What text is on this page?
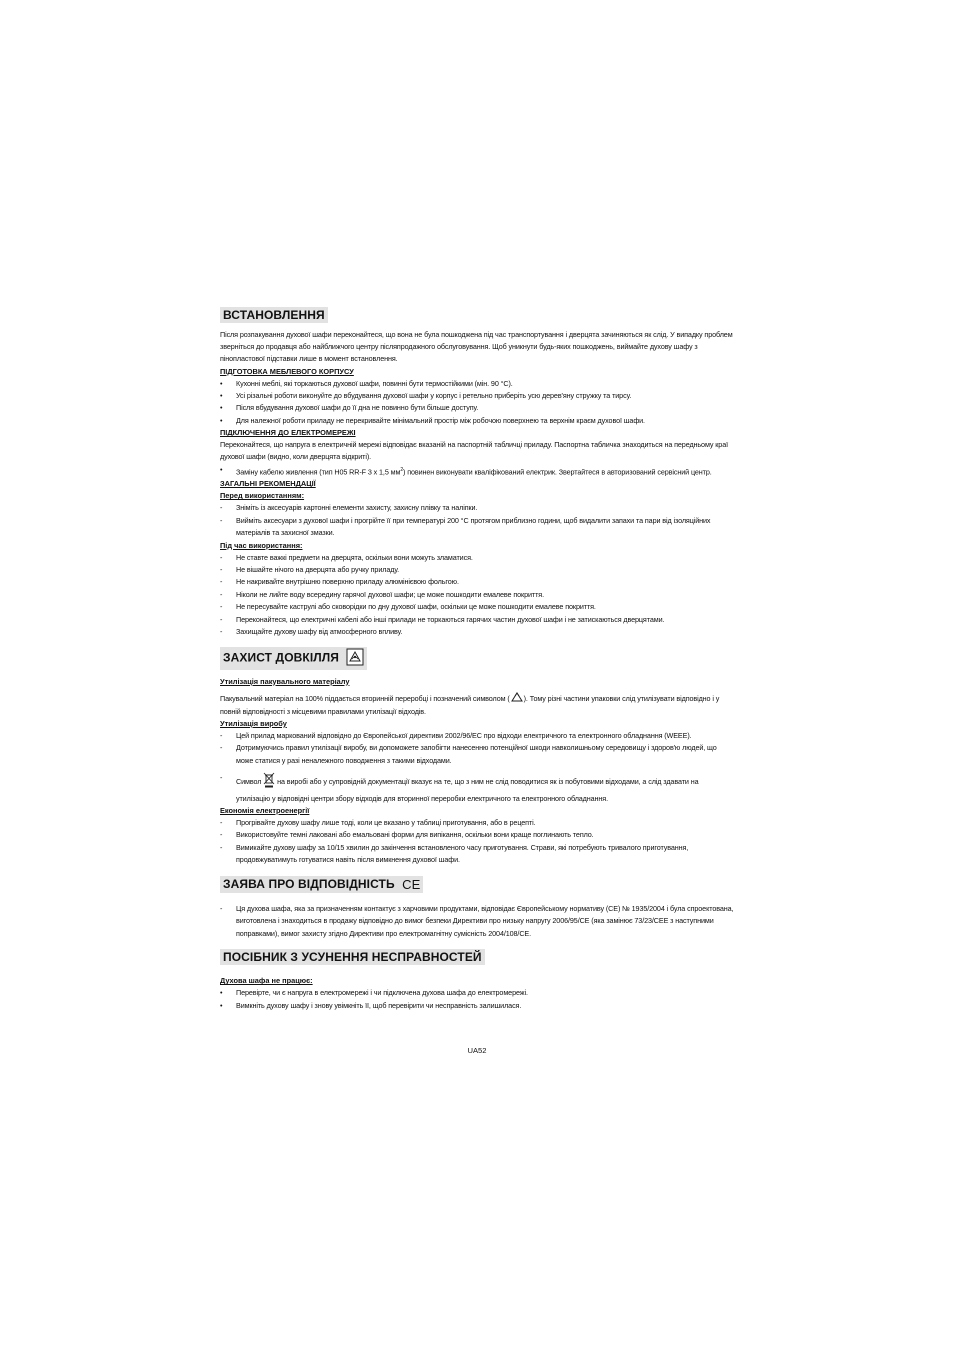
ВСТАНОВЛЕННЯ

Після розпакування духової шафи переконайтеся, що вона не була пошкоджена під час транспортування і дверцята зачиняються як слід. У випадку проблем зверніться до продавця або найближчого центру післяпродажного обслуговування. Щоб уникнути будь-яких пошкоджень, виймайте духову шафу з пінопластової підставки лише в момент встановлення.

ПІДГОТОВКА МЕБЛЕВОГО КОРПУСУ

• Кухонні меблі, які торкаються духової шафи, повинні бути термостійкими (мін. 90 °C).
• Усі різальні роботи виконуйте до вбудування духової шафи у корпус і ретельно приберіть усю дерев'яну стружку та тирсу.
• Після вбудування духової шафи до її дна не повинно бути більше доступу.
• Для належної роботи приладу не перекривайте мінімальний простір між робочою поверхнею та верхнім краєм духової шафи.

ПІДКЛЮЧЕННЯ ДО ЕЛЕКТРОМЕРЕЖІ

Переконайтеся, що напруга в електричній мережі відповідає вказаній на паспортній табличці приладу. Паспортна табличка знаходиться на передньому краї духової шафи (видно, коли дверцята відкриті).

• Заміну кабелю живлення (тип H05 RR-F 3 x 1,5 $мм^2$) повинен виконувати кваліфікований електрик. Звертайтеся в авторизований сервісний центр.

ЗАГАЛЬНІ РЕКОМЕНДАЦІЇ

Перед використанням:

- Зніміть із аксесуарів картонні елементи захисту, захисну плівку та наліпки.
- Вийміть аксесуари з духової шафи і прогрійте її при температурі 200 °C протягом приблизно години, щоб видалити запахи та пари від ізоляційних матеріалів та захисної змазки.

Під час використання:

- Не ставте важкі предмети на дверцята, оскільки вони можуть зламатися.
- Не вішайте нічого на дверцята або ручку приладу.
- Не накривайте внутрішню поверхню приладу алюмінієвою фольгою.
- Ніколи не лийте воду всередину гарячої духової шафи; це може пошкодити емалеве покриття.
- Не пересувайте каструлі або сковорідки по дну духової шафи, оскільки це може пошкодити емалеве покриття.
- Переконайтеся, що електричні кабелі або інші прилади не торкаються гарячих частин духової шафи і не затискаються дверцятами.
- Захищайте духову шафу від атмосферного впливу.
ЗАХИСТ ДОВКІЛЛЯ

Утилізація пакувального матеріалу

Пакувальний матеріал на 100% піддається вторинній переробці і позначений символом ( ). Тому різні частини упаковки слід утилізувати відповідно і у повній відповідності з місцевими правилами утилізації відходів.

Утилізація виробу

- Цей прилад маркований відповідно до Європейської директиви 2002/96/ЕС про відходи електричного та електронного обладнання (WEEE).
- Дотримуючись правил утилізації виробу, ви допоможете запобігти нанесенню потенційної шкоди навколишньому середовищу і здоров'ю людей, що може статися у разі неналежного поводження з такими відходами.
- Символ  на виробі або у супровідній документації вказує на те, що з ним не слід поводитися як із побутовими відходами, а слід здавати на утилізацію у відповідні центри збору відходів для вторинної переробки електричного та електронного обладнання.

Економія електроенергії

- Прогрівайте духову шафу лише тоді, коли це вказано у таблиці приготування, або в рецепті.
- Використовуйте темні лаковані або емальовані форми для випікання, оскільки вони краще поглинають тепло.
- Вимикайте духову шафу за 10/15 хвилин до закінчення встановленого часу приготування. Страви, які потребують тривалого приготування, продовжуватимуть готуватися навіть після вимкнення духової шафи.
ЗАЯВА ПРО ВІДПОВІДНІСТЬ CE
- Ця духова шафа, яка за призначенням контактує з харчовими продуктами, відповідає Європейському нормативу (CE) № 1935/2004 і була спроектована, виготовлена і знаходиться в продажу відповідно до вимог безпеки Директиви про низьку напругу 2006/95/CE (яка замінює 73/23/CEE з наступними поправками), вимог захисту згідно Директиви про електромагнітну сумісність 2004/108/CE.
ПОСІБНИК З УСУНЕННЯ НЕСПРАВНОСТЕЙ

Духова шафа не працює:

• Перевірте, чи є напруга в електромережі і чи підключена духова шафа до електромережі.
• Вимкніть духову шафу і знову увімкніть її, щоб перевірити чи несправність залишилася.
UA52
